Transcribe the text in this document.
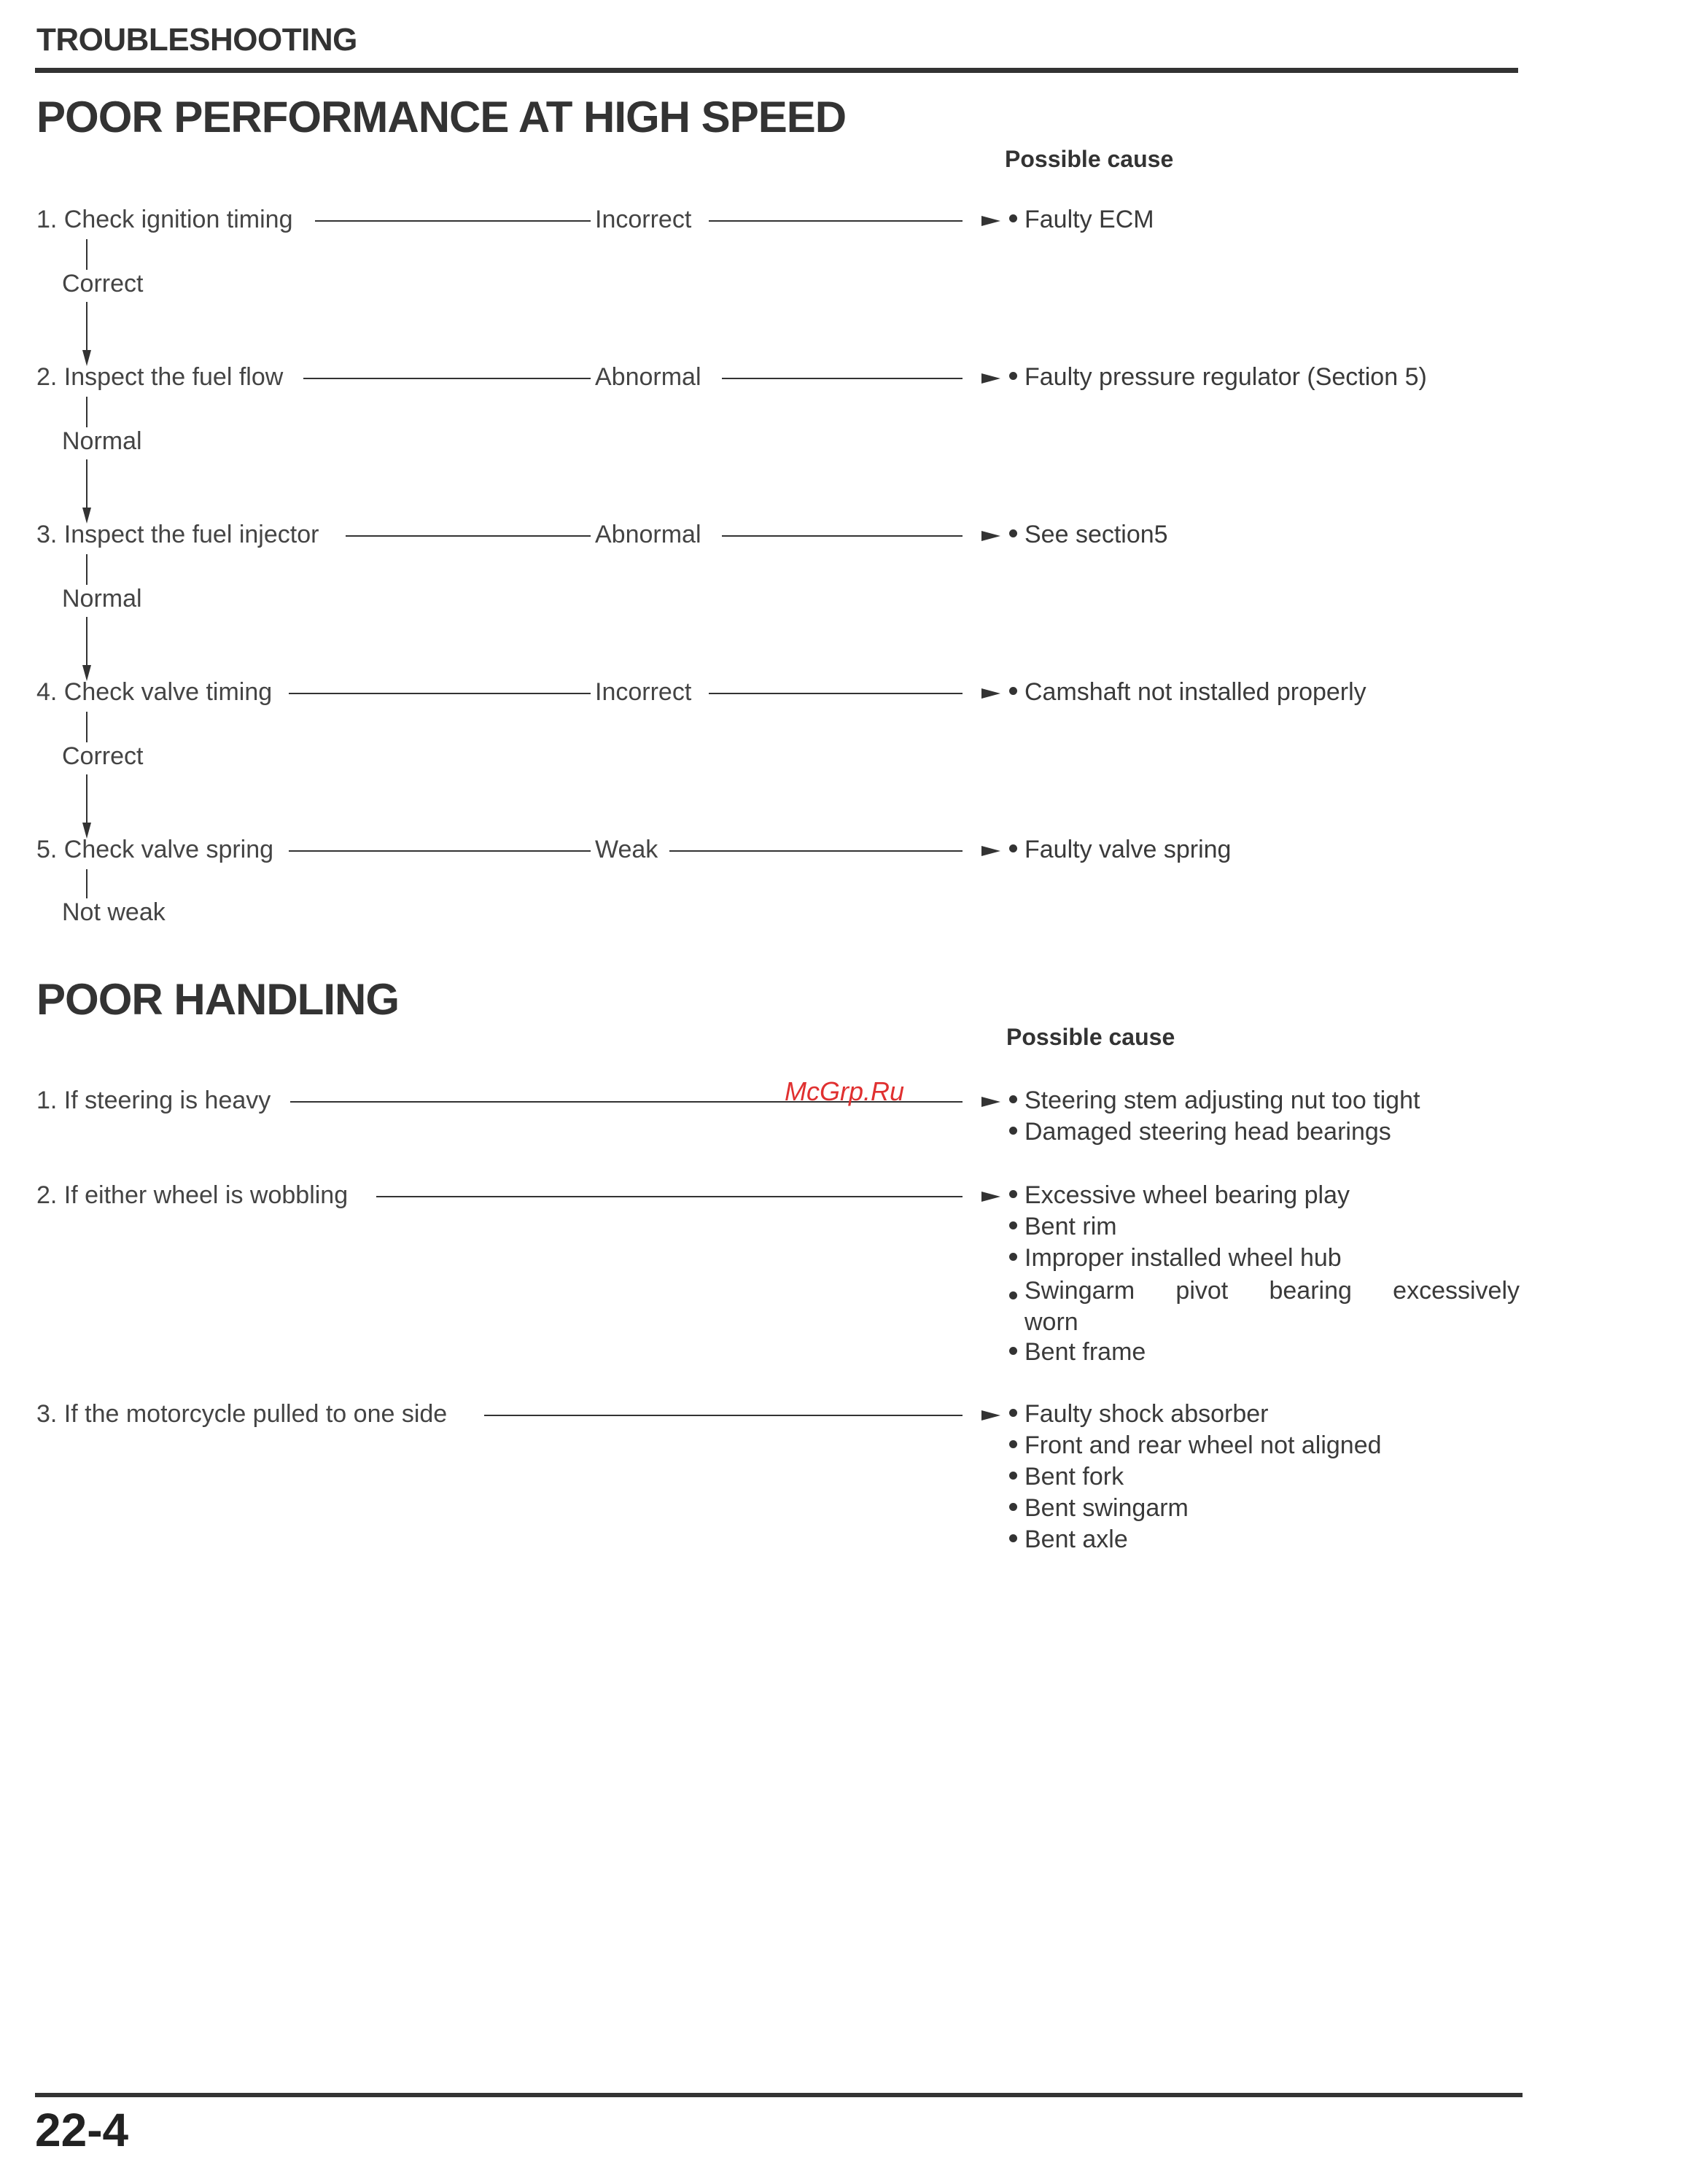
TROUBLESHOOTING
POOR PERFORMANCE AT HIGH SPEED
Possible cause
1. Check ignition timing	Incorrect	Faulty ECM
Correct
2. Inspect the fuel flow	Abnormal	Faulty pressure regulator (Section 5)
Normal
3. Inspect the fuel injector	Abnormal	See section5
Normal
4. Check valve timing	Incorrect	Camshaft not installed properly
Correct
5. Check valve spring	Weak	Faulty valve spring
Not weak
POOR HANDLING
Possible cause
1. If steering is heavy	Steering stem adjusting nut too tight
Damaged steering head bearings
McGrp.Ru
2. If either wheel is wobbling	Excessive wheel bearing play
Bent rim
Improper installed wheel hub
Swingarm pivot bearing excessively worn
Bent frame
3. If the motorcycle pulled to one side	Faulty shock absorber
Front and rear wheel not aligned
Bent fork
Bent swingarm
Bent axle
22-4
